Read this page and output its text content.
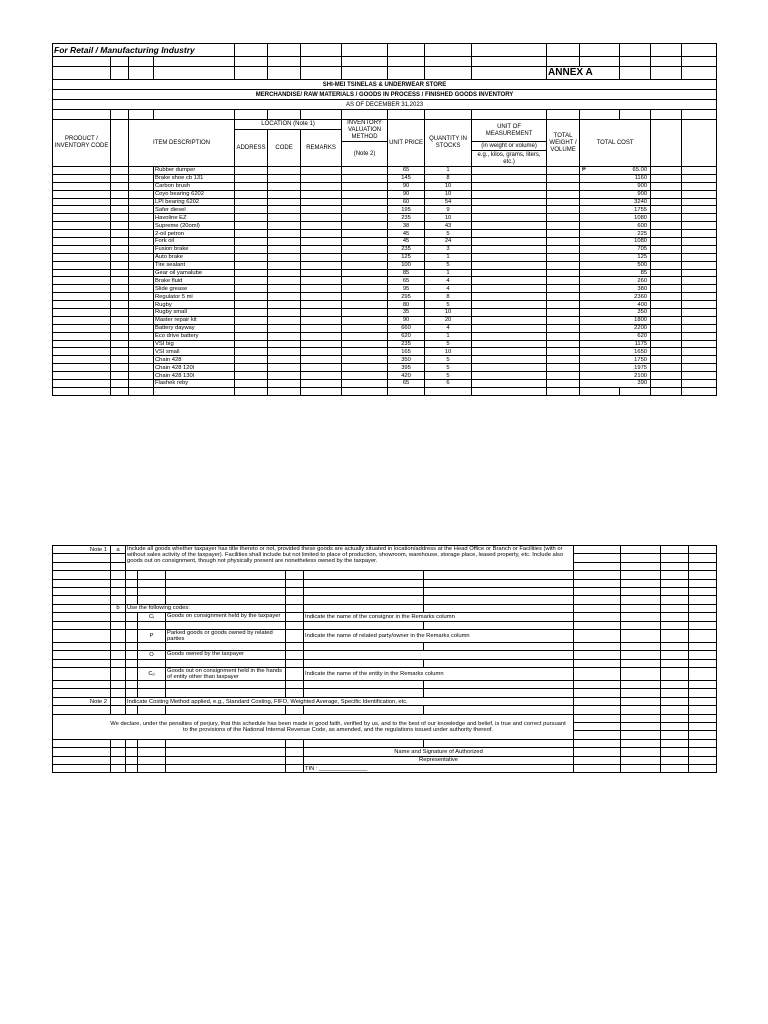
For Retail / Manufacturing Industry															

											ANNEX A				
SHI-MEI TSINELAS & UNDERWEAR STORE															
MERCHANDISE/ RAW MATERIALS / GOODS IN PROCESS / FINISHED GOODS INVENTORY															
AS OF DECEMBER 31,2023															

PRODUCT / INVENTORY CODE		ITEM DESCRIPTION		LOCATION (Note 1)			INVENTORY VALUATION METHOD	UNIT PRICE	QUANTITY IN STOCKS	UNIT OF MEASUREMENT	TOTAL WEIGHT / VOLUME	TOTAL COST			
				ADDRESS	CODE	REMARKS									
							(Note 2)			(in weight or volume)					
										e.g., kilos, grams, liters, etc.)					
			Rubber dumper					65	1			₱ 65.00			
			Brake shoe cb 131					145	8			1160			
			Carbon brush					90	10			900			
			Coyo bearing 6202					90	10			900			
			LPI bearing 6202					60	54			3240			
			Safer diesel					195	9			1755			
			Havoline EZ					235	10			1080			
			Supreme (20oml)					38	43			600			
			2-oil petron					45	5			225			
			Fork oil					45	24			1080			
			Fusion brake					235	3			705			
			Auto brake					125	1			125			
			Tire sealant					100	5			500			
			Gear oil yamalube					85	1			85			
			Brake fluid					65	4			260			
			Slide grease					95	4			380			
			Regulator 5 ml					295	8			2360			
			Rugby					80	5			400			
			Rugby small					35	10			350			
			Master repair kit					90	20			1800			
			Battery dayway					660	4			2200			
			Eco drive battery					620	1			620			
			VSI big					235	5			1175			
			VSI small					165	10			1650			
			Chain 428					350	5			1750			
			Chain 428 120l					395	5			1975			
			Chain 428 130l					420	5			2100			
			Flashek reby					65	6			390			

Note 1	a	Include all goods whether taxpayer has title thereto or not, provided these goods are actually situated in location/address at the Head Office or Branch or Facilities (with or without sales activity of the taxpayer). Facilities shall include but not limited to place of production, showroom, warehouse, storage place, leased property, etc. Include also goods out on consignment, though not physically present are nonetheless owned by the taxpayer.									

	b	Use the following codes:									
			Cᵢ	Goods on consignment held by the taxpayer		Indicate the name of the consignor in the Remarks column					

			P	Parked goods or goods owned by related parties		Indicate the name of related party/owner in the Remarks column					

			O	Goods owned by the taxpayer							

			Cₒ	Goods out on consignment held in the hands of entity other than taxpayer		Indicate the name of the entity in the Remarks column					

Note 2		Indicate Costing Method applied, e.g., Standard Costing, FIFO, Weighted Average, Specific Identification, etc.									

We declare, under the penalties of perjury, that this schedule has been made in good faith, verified by us, and to the best of our knowledge and belief, is true and correct pursuant to the provisions of the National Internal Revenue Code, as amended, and the regulations issued under authority thereof.											

						Name and Signature of Authorized					
						Representative					
						TIN : _______________					
